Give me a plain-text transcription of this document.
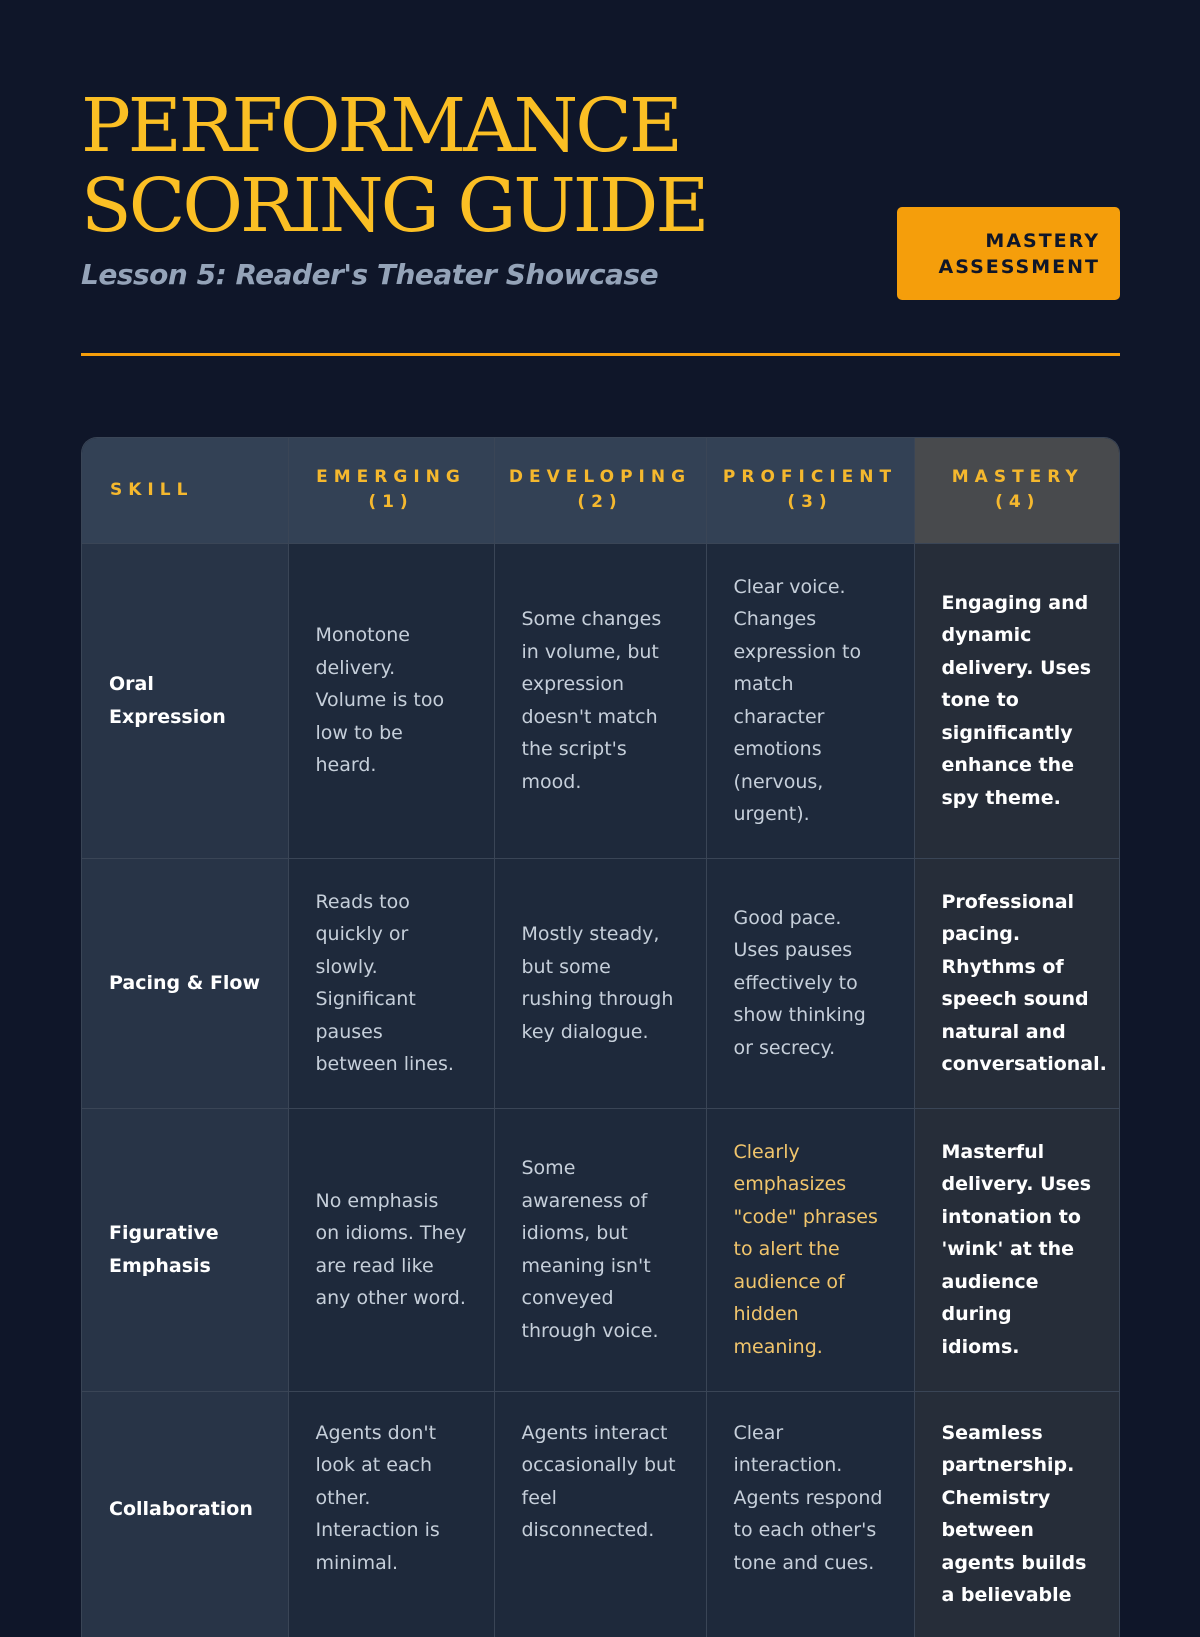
PERFORMANCE
SCORING GUIDE
Lesson 5: Reader's Theater Showcase
MASTERY ASSESSMENT
SKILL	EMERGING (1)	DEVELOPING (2)	PROFICIENT (3)	MASTERY (4)
Oral Expression	Monotone delivery. Volume is too low to be heard.	Some changes in volume, but expression doesn't match the script's mood.	Clear voice. Changes expression to match character emotions (nervous, urgent).	Engaging and dynamic delivery. Uses tone to significantly enhance the spy theme.
Pacing & Flow	Reads too quickly or slowly. Significant pauses between lines.	Mostly steady, but some rushing through key dialogue.	Good pace. Uses pauses effectively to show thinking or secrecy.	Professional pacing. Rhythms of speech sound natural and conversational.
Figurative Emphasis	No emphasis on idioms. They are read like any other word.	Some awareness of idioms, but meaning isn't conveyed through voice.	Clearly emphasizes "code" phrases to alert the audience of hidden meaning.	Masterful delivery. Uses intonation to 'wink' at the audience during idioms.
Collaboration	Agents don't look at each other. Interaction is minimal.	Agents interact occasionally but feel disconnected.	Clear interaction. Agents respond to each other's tone and cues.	Seamless partnership. Chemistry between agents builds a believable
